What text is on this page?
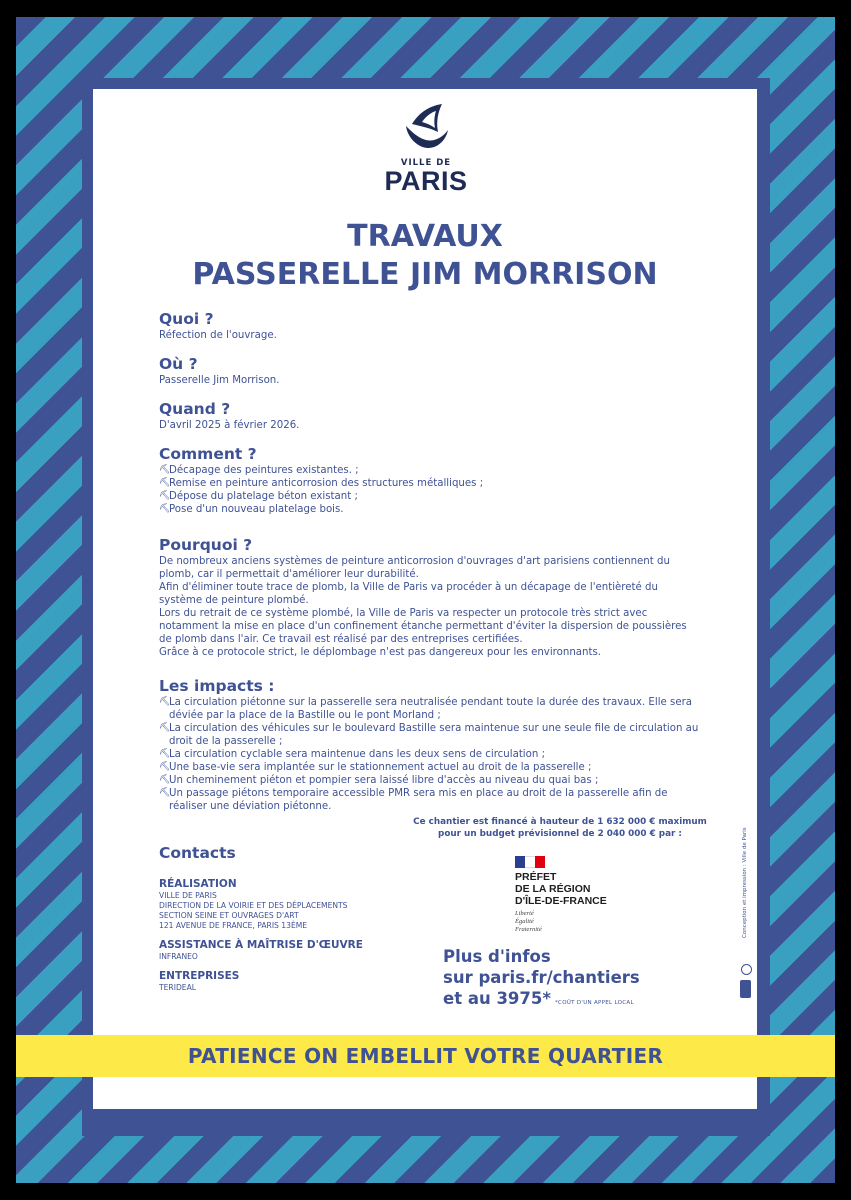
VILLE DE
PARIS
TRAVAUX
PASSERELLE JIM MORRISON
Quoi ?

Réfection de l'ouvrage.

Où ?

Passerelle Jim Morrison.

Quand ?

D'avril 2025 à février 2026.

Comment ?
⛏
Décapage des peintures existantes. ;
⛏
Remise en peinture anticorrosion des structures métalliques ;
⛏
Dépose du platelage béton existant ;
⛏
Pose d'un nouveau platelage bois.
Pourquoi ?

De nombreux anciens systèmes de peinture anticorrosion d'ouvrages d'art parisiens contiennent du plomb, car il permettait d'améliorer leur durabilité.

Afin d'éliminer toute trace de plomb, la Ville de Paris va procéder à un décapage de l'entièreté du système de peinture plombé.

Lors du retrait de ce système plombé, la Ville de Paris va respecter un protocole très strict avec notamment la mise en place d'un confinement étanche permettant d'éviter la dispersion de poussières de plomb dans l'air. Ce travail est réalisé par des entreprises certifiées.

Grâce à ce protocole strict, le déplombage n'est pas dangereux pour les environnants.

Les impacts :
⛏
La circulation piétonne sur la passerelle sera neutralisée pendant toute la durée des travaux. Elle sera déviée par la place de la Bastille ou le pont Morland ;
⛏
La circulation des véhicules sur le boulevard Bastille sera maintenue sur une seule file de circulation au droit de la passerelle ;
⛏
La circulation cyclable sera maintenue dans les deux sens de circulation ;
⛏
Une base-vie sera implantée sur le stationnement actuel au droit de la passerelle ;
⛏
Un cheminement piéton et pompier sera laissé libre d'accès au niveau du quai bas ;
⛏
Un passage piétons temporaire accessible PMR sera mis en place au droit de la passerelle afin de réaliser une déviation piétonne.
Ce chantier est financé à hauteur de 1 632 000 € maximum
pour un budget prévisionnel de 2 040 000 € par :
PRÉFET
DE LA RÉGION
D'ÎLE-DE-FRANCE
Liberté
Égalité
Fraternité
Contacts
RÉALISATION
VILLE DE PARIS
DIRECTION DE LA VOIRIE ET DES DÉPLACEMENTS
SECTION SEINE ET OUVRAGES D'ART
121 AVENUE DE FRANCE, PARIS 13ÈME
ASSISTANCE À MAÎTRISE D'ŒUVRE
INFRANEO
ENTREPRISES
TERIDEAL
Plus d'infos
sur paris.fr/chantiers
et au 3975* *COÛT D'UN APPEL LOCAL
Conception et impression : Ville de Paris
PATIENCE ON EMBELLIT VOTRE QUARTIER
